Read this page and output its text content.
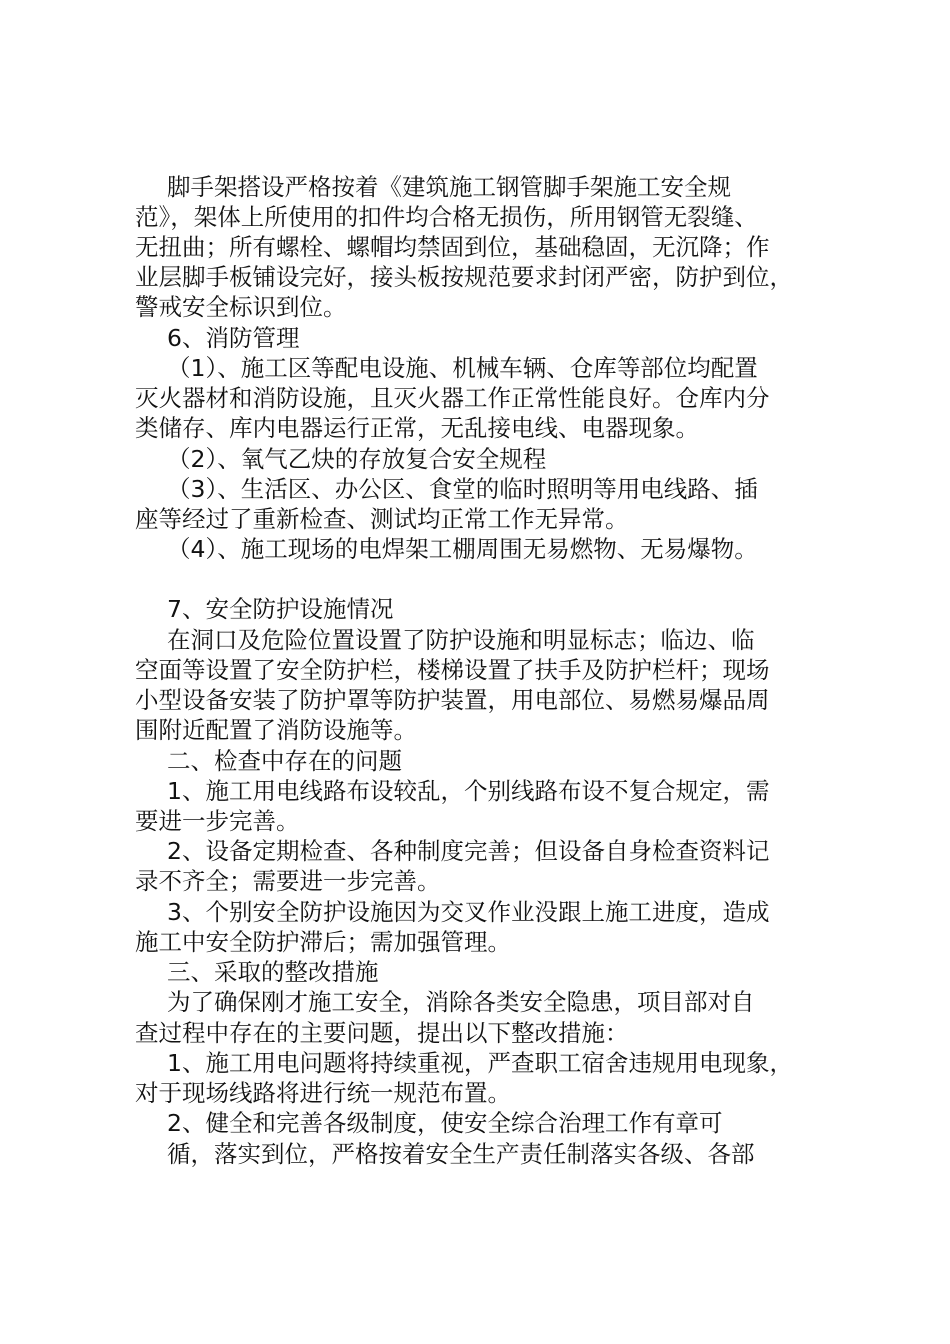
脚手架搭设严格按着《建筑施工钢管脚手架施工安全规
范》，架体上所使用的扣件均合格无损伤，所用钢管无裂缝、
无扭曲；所有螺栓、螺帽均禁固到位，基础稳固，无沉降；作
业层脚手板铺设完好，接头板按规范要求封闭严密，防护到位，
警戒安全标识到位。
6、消防管理
（1）、施工区等配电设施、机械车辆、仓库等部位均配置
灭火器材和消防设施，且灭火器工作正常性能良好。仓库内分
类储存、库内电器运行正常，无乱接电线、电器现象。
（2）、氧气乙炔的存放复合安全规程
（3）、生活区、办公区、食堂的临时照明等用电线路、插
座等经过了重新检查、测试均正常工作无异常。
（4）、施工现场的电焊架工棚周围无易燃物、无易爆物。
7、安全防护设施情况
在洞口及危险位置设置了防护设施和明显标志；临边、临
空面等设置了安全防护栏，楼梯设置了扶手及防护栏杆；现场
小型设备安装了防护罩等防护装置，用电部位、易燃易爆品周
围附近配置了消防设施等。
二、检查中存在的问题
1、施工用电线路布设较乱，个别线路布设不复合规定，需
要进一步完善。
2、设备定期检查、各种制度完善；但设备自身检查资料记
录不齐全；需要进一步完善。
3、个别安全防护设施因为交叉作业没跟上施工进度，造成
施工中安全防护滞后；需加强管理。
三、采取的整改措施
为了确保刚才施工安全，消除各类安全隐患，项目部对自
查过程中存在的主要问题，提出以下整改措施：
1、施工用电问题将持续重视，严查职工宿舍违规用电现象，
对于现场线路将进行统一规范布置。
2、健全和完善各级制度，使安全综合治理工作有章可
循，落实到位，严格按着安全生产责任制落实各级、各部
